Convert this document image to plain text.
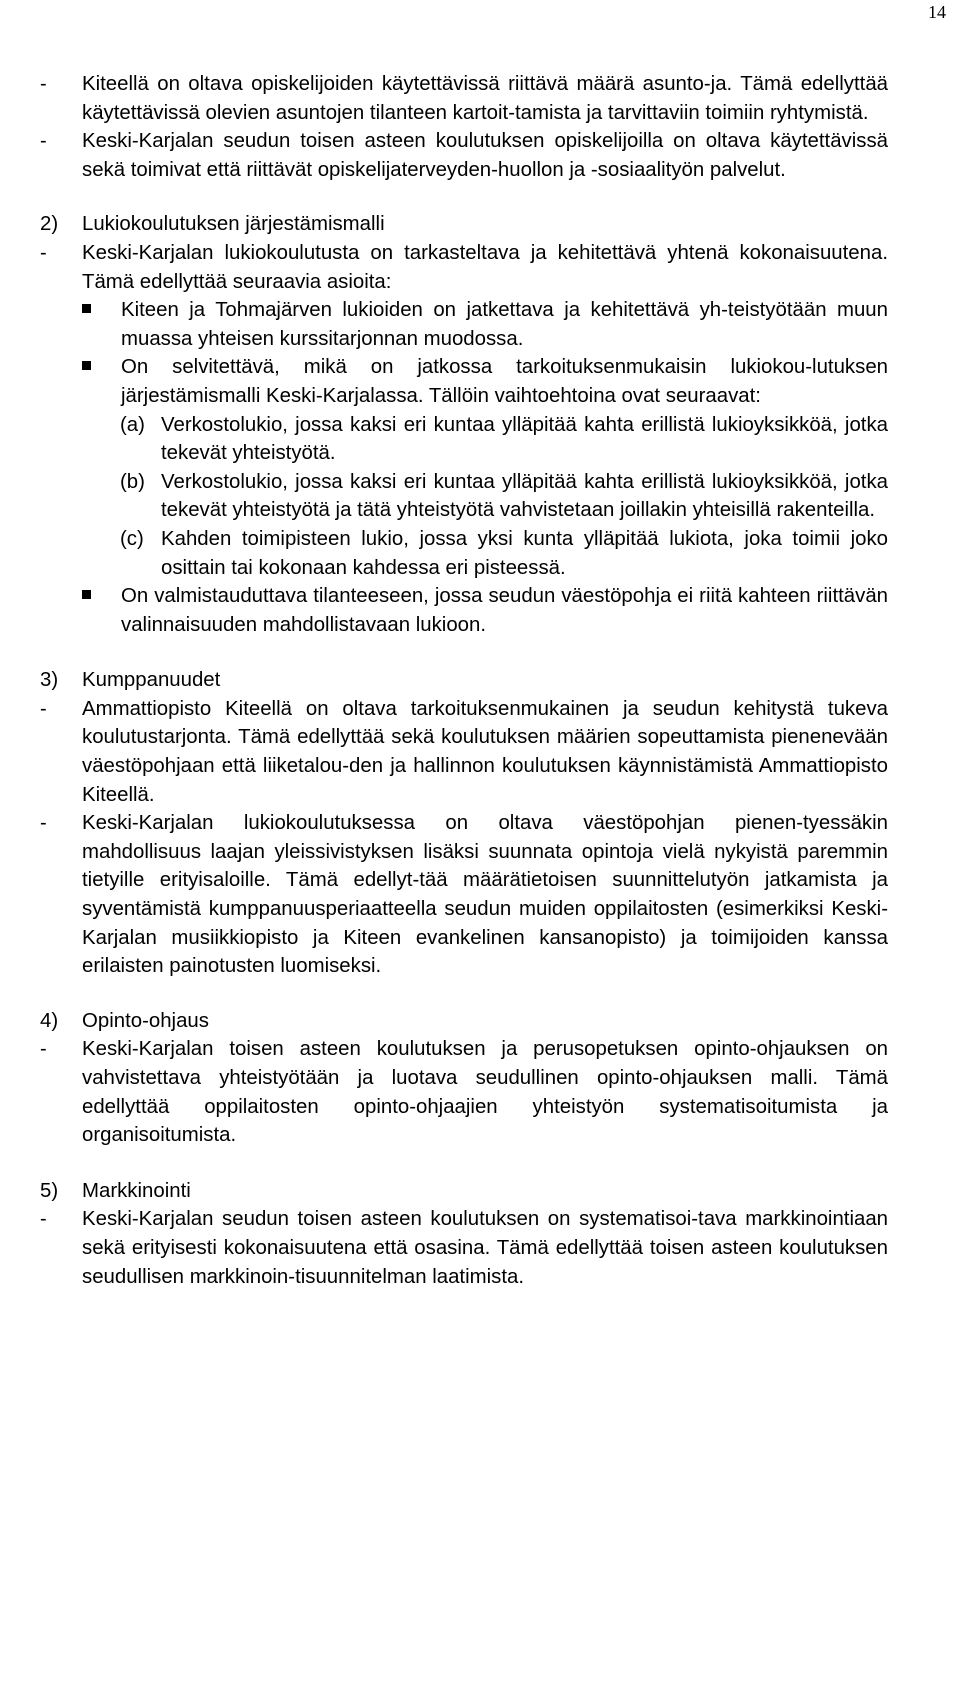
14
- Kiteellä on oltava opiskelijoiden käytettävissä riittävä määrä asunto-ja. Tämä edellyttää käytettävissä olevien asuntojen tilanteen kartoit-tamista ja tarvittaviin toimiin ryhtymistä.
- Keski-Karjalan seudun toisen asteen koulutuksen opiskelijoilla on oltava käytettävissä sekä toimivat että riittävät opiskelijaterveyden-huollon ja -sosiaalityön palvelut.
2) Lukiokoulutuksen järjestämismalli
- Keski-Karjalan lukiokoulutusta on tarkasteltava ja kehitettävä yhtenä kokonaisuutena. Tämä edellyttää seuraavia asioita:
Kiteen ja Tohmajärven lukioiden on jatkettava ja kehitettävä yh-teistyötään muun muassa yhteisen kurssitarjonnan muodossa.
On selvitettävä, mikä on jatkossa tarkoituksenmukaisin lukiokou-lutuksen järjestämismalli Keski-Karjalassa. Tällöin vaihtoehtoina ovat seuraavat:
(a) Verkostolukio, jossa kaksi eri kuntaa ylläpitää kahta erillistä lukioyksikköä, jotka tekevät yhteistyötä.
(b) Verkostolukio, jossa kaksi eri kuntaa ylläpitää kahta erillistä lukioyksikköä, jotka tekevät yhteistyötä ja tätä yhteistyötä vahvistetaan joillakin yhteisillä rakenteilla.
(c) Kahden toimipisteen lukio, jossa yksi kunta ylläpitää lukiota, joka toimii joko osittain tai kokonaan kahdessa eri pisteessä.
On valmistauduttava tilanteeseen, jossa seudun väestöpohja ei riitä kahteen riittävän valinnaisuuden mahdollistavaan lukioon.
3) Kumppanuudet
- Ammattiopisto Kiteellä on oltava tarkoituksenmukainen ja seudun kehitystä tukeva koulutustarjonta. Tämä edellyttää sekä koulutuksen määrien sopeuttamista pienenevään väestöpohjaan että liiketalou-den ja hallinnon koulutuksen käynnistämistä Ammattiopisto Kiteellä.
- Keski-Karjalan lukiokoulutuksessa on oltava väestöpohjan pienen-tyessäkin mahdollisuus laajan yleissivistyksen lisäksi suunnata opintoja vielä nykyistä paremmin tietyille erityisaloille. Tämä edellyt-tää määrätietoisen suunnittelutyön jatkamista ja syventämistä kumppanuusperiaatteella seudun muiden oppilaitosten (esimerkiksi Keski-Karjalan musiikkiopisto ja Kiteen evankelinen kansanopisto) ja toimijoiden kanssa erilaisten painotusten luomiseksi.
4) Opinto-ohjaus
- Keski-Karjalan toisen asteen koulutuksen ja perusopetuksen opinto-ohjauksen on vahvistettava yhteistyötään ja luotava seudullinen opinto-ohjauksen malli. Tämä edellyttää oppilaitosten opinto-ohjaajien yhteistyön systematisoitumista ja organisoitumista.
5) Markkinointi
- Keski-Karjalan seudun toisen asteen koulutuksen on systematisoi-tava markkinointiaan sekä erityisesti kokonaisuutena että osasina. Tämä edellyttää toisen asteen koulutuksen seudullisen markkinoin-tisuunnitelman laatimista.
